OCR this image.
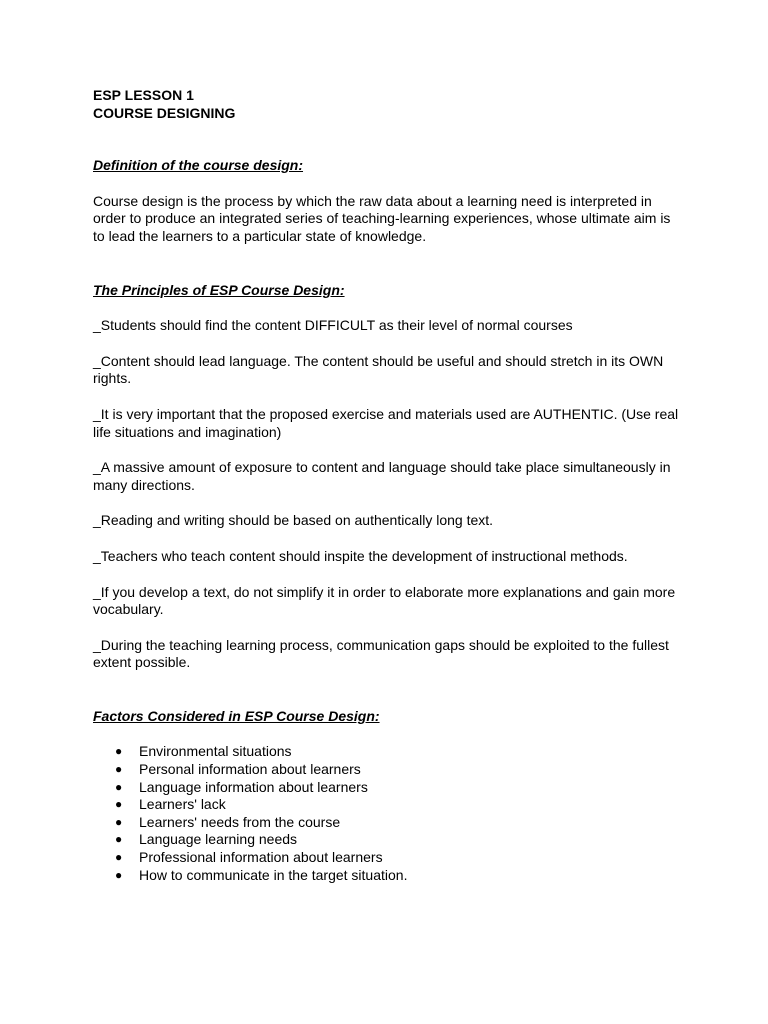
ESP LESSON 1

COURSE DESIGNING

Definition of the course design:

Course design is the process by which the raw data about a learning need is interpreted in order to produce an integrated series of teaching-learning experiences, whose ultimate aim is to lead the learners to a particular state of knowledge.

The Principles of ESP Course Design:

_Students should find the content DIFFICULT as their level of normal courses

_Content should lead language. The content should be useful and should stretch in its OWN rights.

_It is very important that the proposed exercise and materials used are AUTHENTIC. (Use real life situations and imagination)

_A massive amount of exposure to content and language should take place simultaneously in many directions.

_Reading and writing should be based on authentically long text.

_Teachers who teach content should inspite the development of instructional methods.

_If you develop a text, do not simplify it in order to elaborate more explanations and gain more vocabulary.

_During the teaching learning process, communication gaps should be exploited to the fullest extent possible.

Factors Considered in ESP Course Design:

● Environmental situations
● Personal information about learners
● Language information about learners
● Learners' lack
● Learners' needs from the course
● Language learning needs
● Professional information about learners
● How to communicate in the target situation.
